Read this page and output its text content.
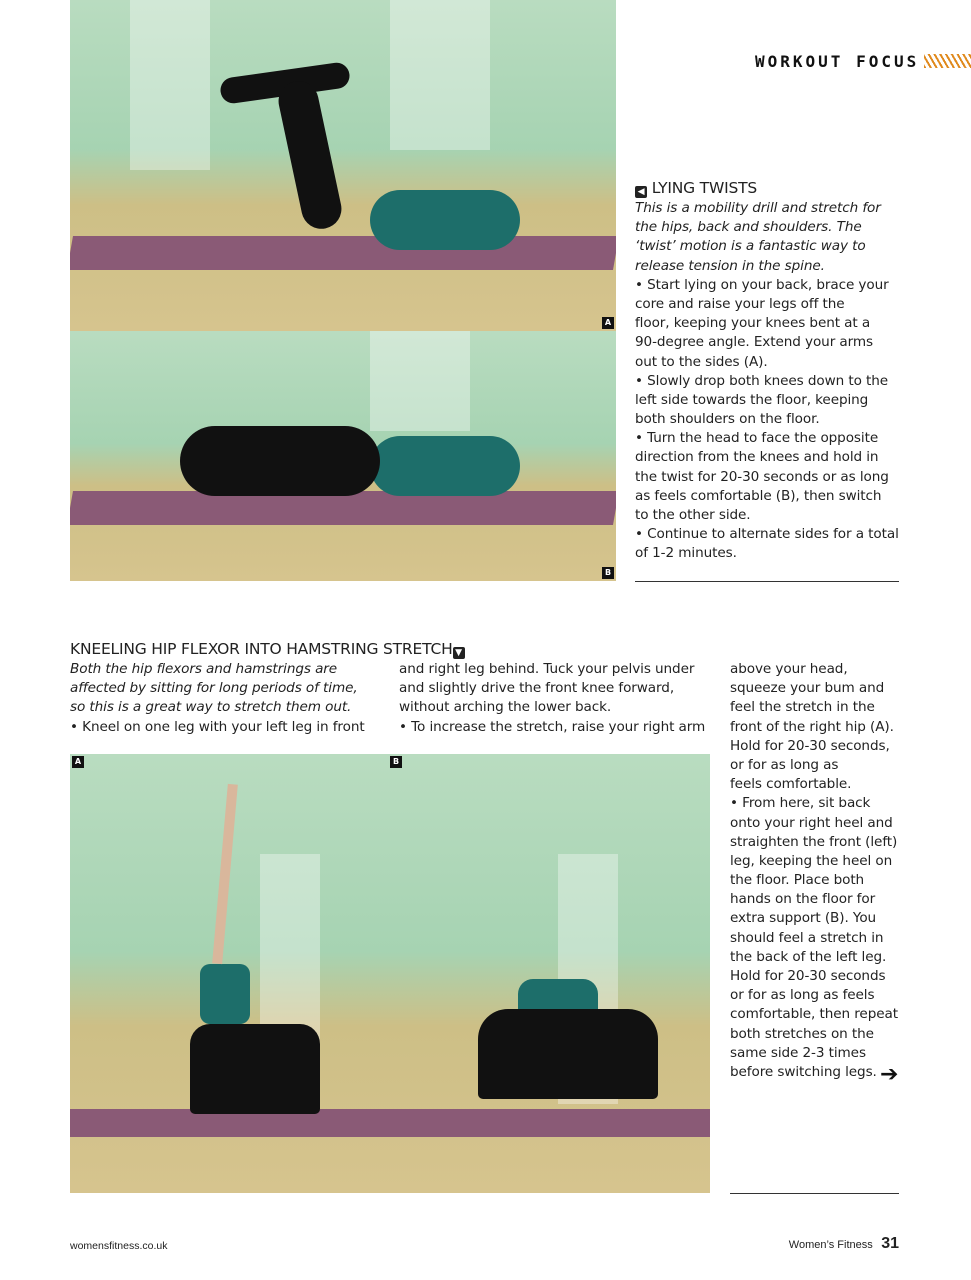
WORKOUT FOCUS
A
B
◀ LYING TWISTS
This is a mobility drill and stretch for
the hips, back and shoulders. The
‘twist’ motion is a fantastic way to
release tension in the spine.
• Start lying on your back, brace your
core and raise your legs off the
floor, keeping your knees bent at a
90-degree angle. Extend your arms
out to the sides (A).
• Slowly drop both knees down to the
left side towards the floor, keeping
both shoulders on the floor.
• Turn the head to face the opposite
direction from the knees and hold in
the twist for 20-30 seconds or as long
as feels comfortable (B), then switch
to the other side.
• Continue to alternate sides for a total
of 1-2 minutes.
KNEELING HIP FLEXOR INTO HAMSTRING STRETCH ▼
Both the hip flexors and hamstrings are
affected by sitting for long periods of time,
so this is a great way to stretch them out.
• Kneel on one leg with your left leg in front
and right leg behind. Tuck your pelvis under
and slightly drive the front knee forward,
without arching the lower back.
• To increase the stretch, raise your right arm
above your head,
squeeze your bum and
feel the stretch in the
front of the right hip (A).
Hold for 20-30 seconds,
or for as long as
feels comfortable.
• From here, sit back
onto your right heel and
straighten the front (left)
leg, keeping the heel on
the floor. Place both
hands on the floor for
extra support (B). You
should feel a stretch in
the back of the left leg.
Hold for 20-30 seconds
or for as long as feels
comfortable, then repeat
both stretches on the
same side 2-3 times
before switching legs. ➔
A	B
womensfitness.co.uk	Women’s Fitness 31
